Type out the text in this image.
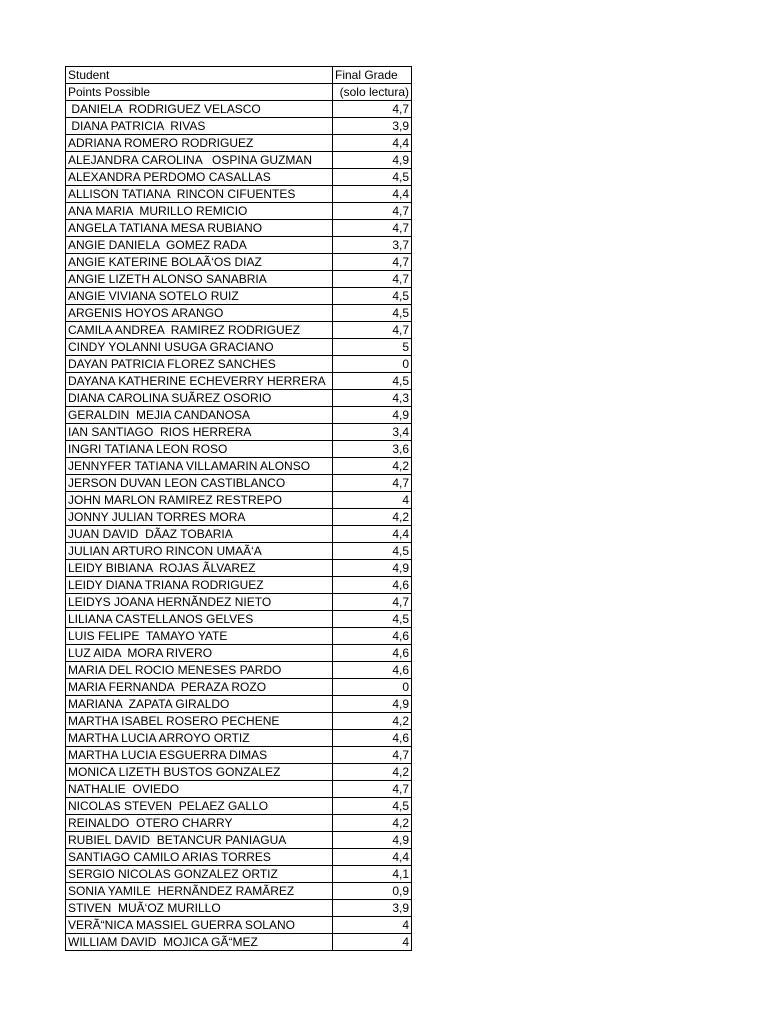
Student	Final Grade
Points Possible	(solo lectura)
DANIELA  RODRIGUEZ VELASCO	4,7
DIANA PATRICIA  RIVAS	3,9
ADRIANA ROMERO RODRIGUEZ	4,4
ALEJANDRA CAROLINA   OSPINA GUZMAN	4,9
ALEXANDRA PERDOMO CASALLAS	4,5
ALLISON TATIANA  RINCON CIFUENTES	4,4
ANA MARIA  MURILLO REMICIO	4,7
ANGELA TATIANA MESA RUBIANO	4,7
ANGIE DANIELA  GOMEZ RADA	3,7
ANGIE KATERINE BOLAÃ‘OS DIAZ	4,7
ANGIE LIZETH ALONSO SANABRIA	4,7
ANGIE VIVIANA SOTELO RUIZ	4,5
ARGENIS HOYOS ARANGO	4,5
CAMILA ANDREA  RAMIREZ RODRIGUEZ	4,7
CINDY YOLANNI USUGA GRACIANO	5
DAYAN PATRICIA FLOREZ SANCHES	0
DAYANA KATHERINE ECHEVERRY HERRERA	4,5
DIANA CAROLINA SUÃREZ OSORIO	4,3
GERALDIN  MEJIA CANDANOSA	4,9
IAN SANTIAGO  RIOS HERRERA	3,4
INGRI TATIANA LEON ROSO	3,6
JENNYFER TATIANA VILLAMARIN ALONSO	4,2
JERSON DUVAN LEON CASTIBLANCO	4,7
JOHN MARLON RAMIREZ RESTREPO	4
JONNY JULIAN TORRES MORA	4,2
JUAN DAVID  DÃAZ TOBARIA	4,4
JULIAN ARTURO RINCON UMAÃ‘A	4,5
LEIDY BIBIANA  ROJAS ÃLVAREZ	4,9
LEIDY DIANA TRIANA RODRIGUEZ	4,6
LEIDYS JOANA HERNÃNDEZ NIETO	4,7
LILIANA CASTELLANOS GELVES	4,5
LUIS FELIPE  TAMAYO YATE	4,6
LUZ AIDA  MORA RIVERO	4,6
MARIA DEL ROCIO MENESES PARDO	4,6
MARIA FERNANDA  PERAZA ROZO	0
MARIANA  ZAPATA GIRALDO	4,9
MARTHA ISABEL ROSERO PECHENE	4,2
MARTHA LUCIA ARROYO ORTIZ	4,6
MARTHA LUCIA ESGUERRA DIMAS	4,7
MONICA LIZETH BUSTOS GONZALEZ	4,2
NATHALIE  OVIEDO	4,7
NICOLAS STEVEN  PELAEZ GALLO	4,5
REINALDO  OTERO CHARRY	4,2
RUBIEL DAVID  BETANCUR PANIAGUA	4,9
SANTIAGO CAMILO ARIAS TORRES	4,4
SERGIO NICOLAS GONZALEZ ORTIZ	4,1
SONIA YAMILE  HERNÃNDEZ RAMÃREZ	0,9
STIVEN  MUÃ‘OZ MURILLO	3,9
VERÃ“NICA MASSIEL GUERRA SOLANO	4
WILLIAM DAVID  MOJICA GÃ“MEZ	4
